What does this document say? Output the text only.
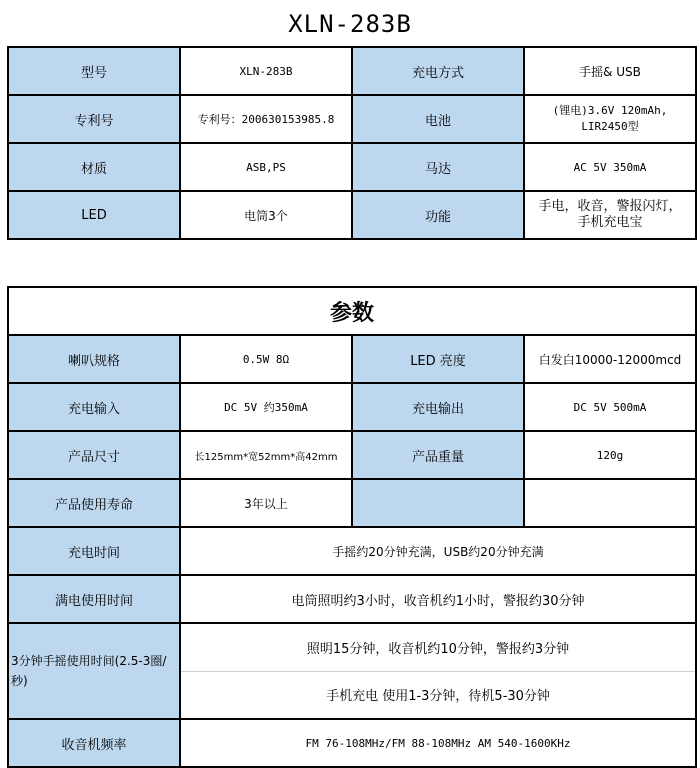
XLN-283B
型号	XLN-283B	充电方式	手摇& USB
专利号	专利号：200630153985.8	电池	(锂电)3.6V 120mAh,
LIR2450型
材质	ASB,PS	马达	AC 5V 350mA
LED	电筒3个	功能	手电，收音，警报闪灯，
手机充电宝
参数			
喇叭规格	0.5W 8Ω	LED 亮度	白发白10000-12000mcd
充电输入	DC 5V 约350mA	充电输出	DC 5V 500mA
产品尺寸	长125mm*宽52mm*高42mm	产品重量	120g
产品使用寿命	3年以上		
充电时间	手摇约20分钟充满，USB约20分钟充满		
满电使用时间	电筒照明约3小时，收音机约1小时，警报约30分钟		
3分钟手摇使用时间(2.5-3圈/秒)	照明15分钟，收音机约10分钟，警报约3分钟		
	手机充电 使用1-3分钟，待机5-30分钟		
收音机频率	FM 76-108MHz/FM 88-108MHz AM 540-1600KHz		
